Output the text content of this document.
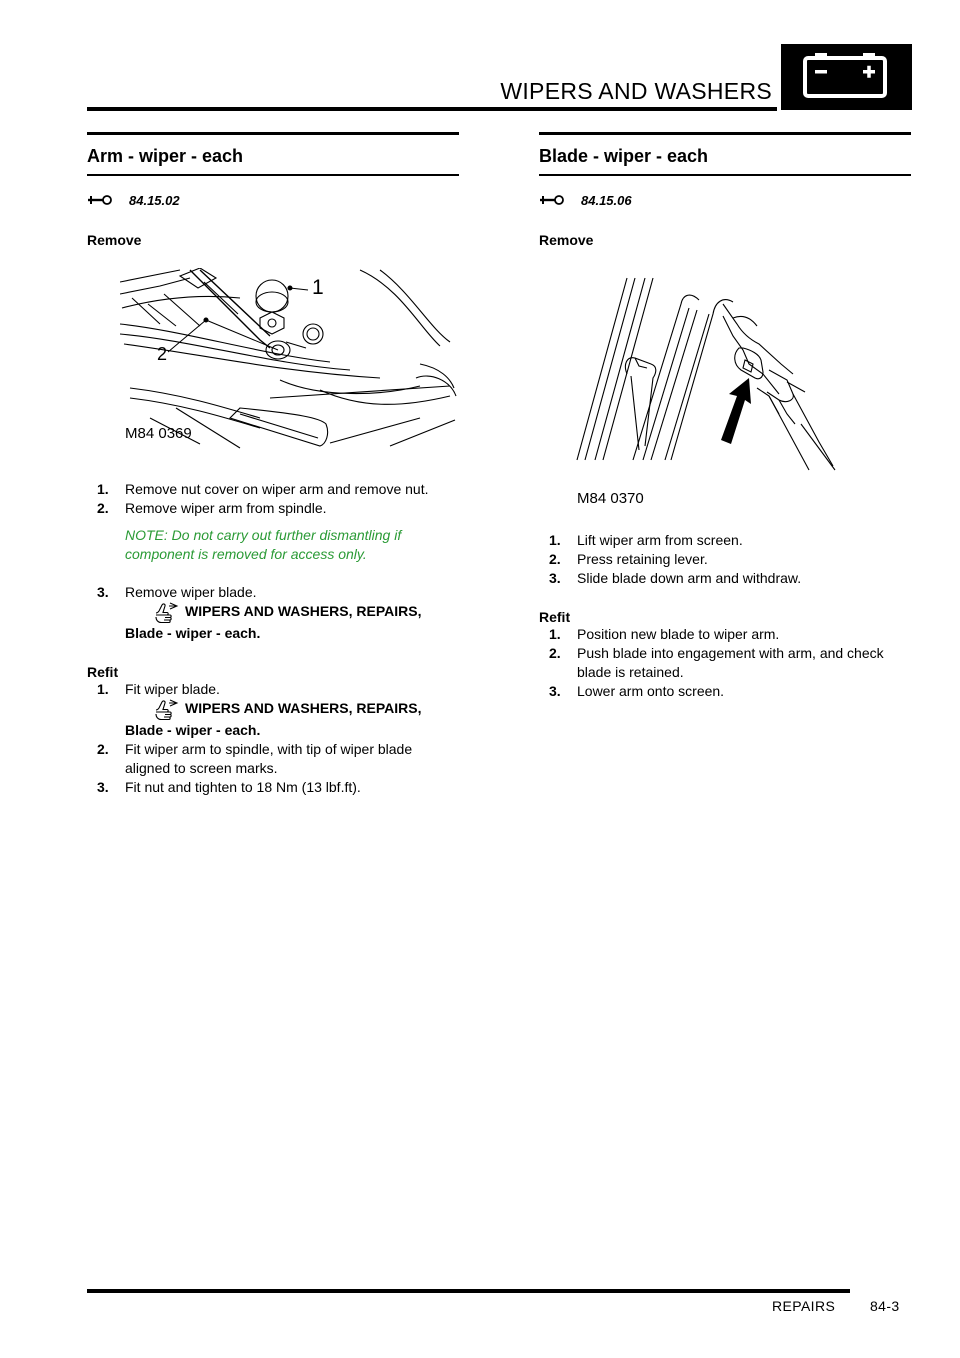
WIPERS AND WASHERS
Arm - wiper - each
84.15.02
Remove
1
2
M84 0369
1.	Remove nut cover on wiper arm and remove nut.
2.	Remove wiper arm from spindle.
NOTE: Do not carry out further dismantling if component is removed for access only.
3.	Remove wiper blade.
WIPERS AND WASHERS, REPAIRS,
Blade - wiper - each.
Refit
1.	Fit wiper blade.
WIPERS AND WASHERS, REPAIRS,
Blade - wiper - each.
2.	Fit wiper arm to spindle, with tip of wiper blade aligned to screen marks.
3.	Fit nut and tighten to 18 Nm (13 lbf.ft).
Blade - wiper - each
84.15.06
Remove
M84 0370
1.	Lift wiper arm from screen.
2.	Press retaining lever.
3.	Slide blade down arm and withdraw.
Refit
1.	Position new blade to wiper arm.
2.	Push blade into engagement with arm, and check blade is retained.
3.	Lower arm onto screen.
REPAIRS 84-3
